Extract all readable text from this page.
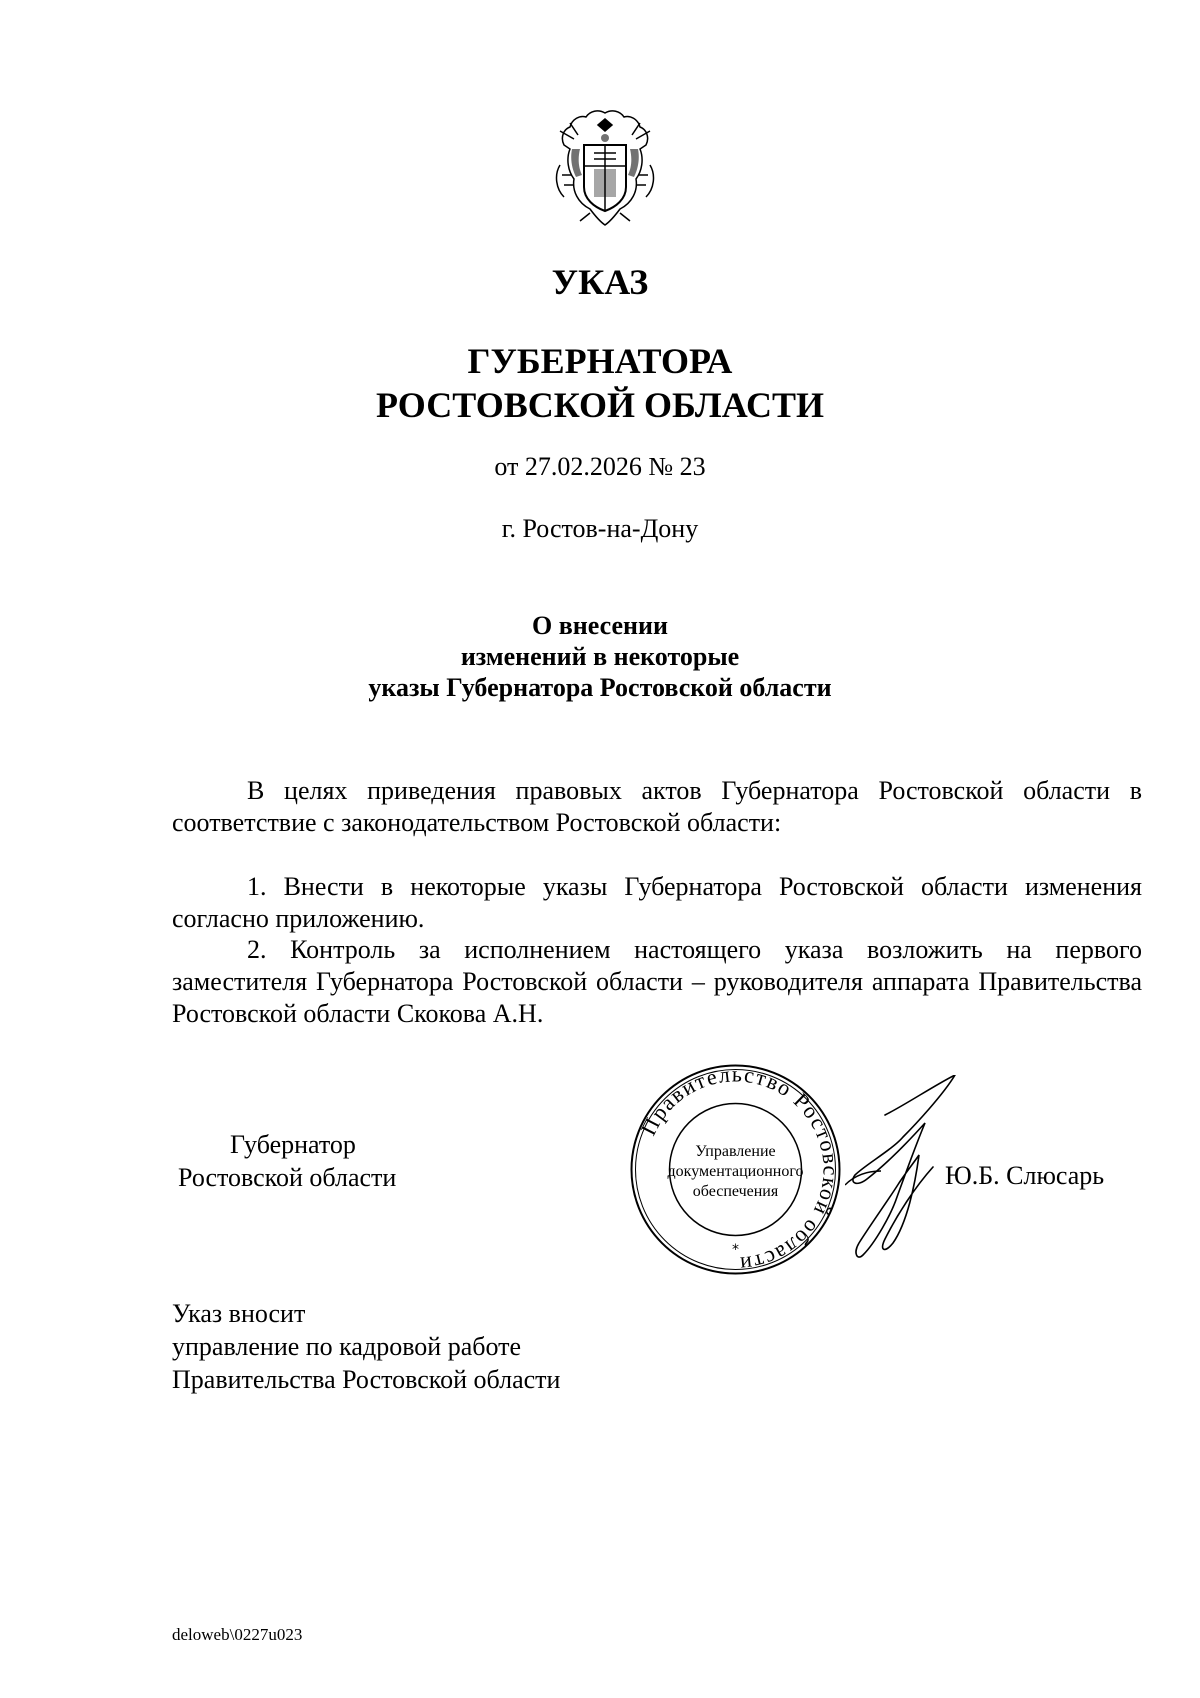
УКАЗ
ГУБЕРНАТОРА
РОСТОВСКОЙ ОБЛАСТИ
от 27.02.2026 № 23
г. Ростов-на-Дону
О внесении
изменений в некоторые
указы Губернатора Ростовской области

В целях приведения правовых актов Губернатора Ростовской области в соответствие с законодательством Ростовской области:

1. Внести в некоторые указы Губернатора Ростовской области изменения согласно приложению.

2. Контроль за исполнением настоящего указа возложить на первого заместителя Губернатора Ростовской области – руководителя аппарата Правительства Ростовской области Скокова А.Н.

Губернатор
Ростовской области
Правительство Ростовской области
Управление
документационного
обеспечения
*
Ю.Б. Слюсарь
Указ вносит
управление по кадровой работе
Правительства Ростовской области
deloweb\0227u023
